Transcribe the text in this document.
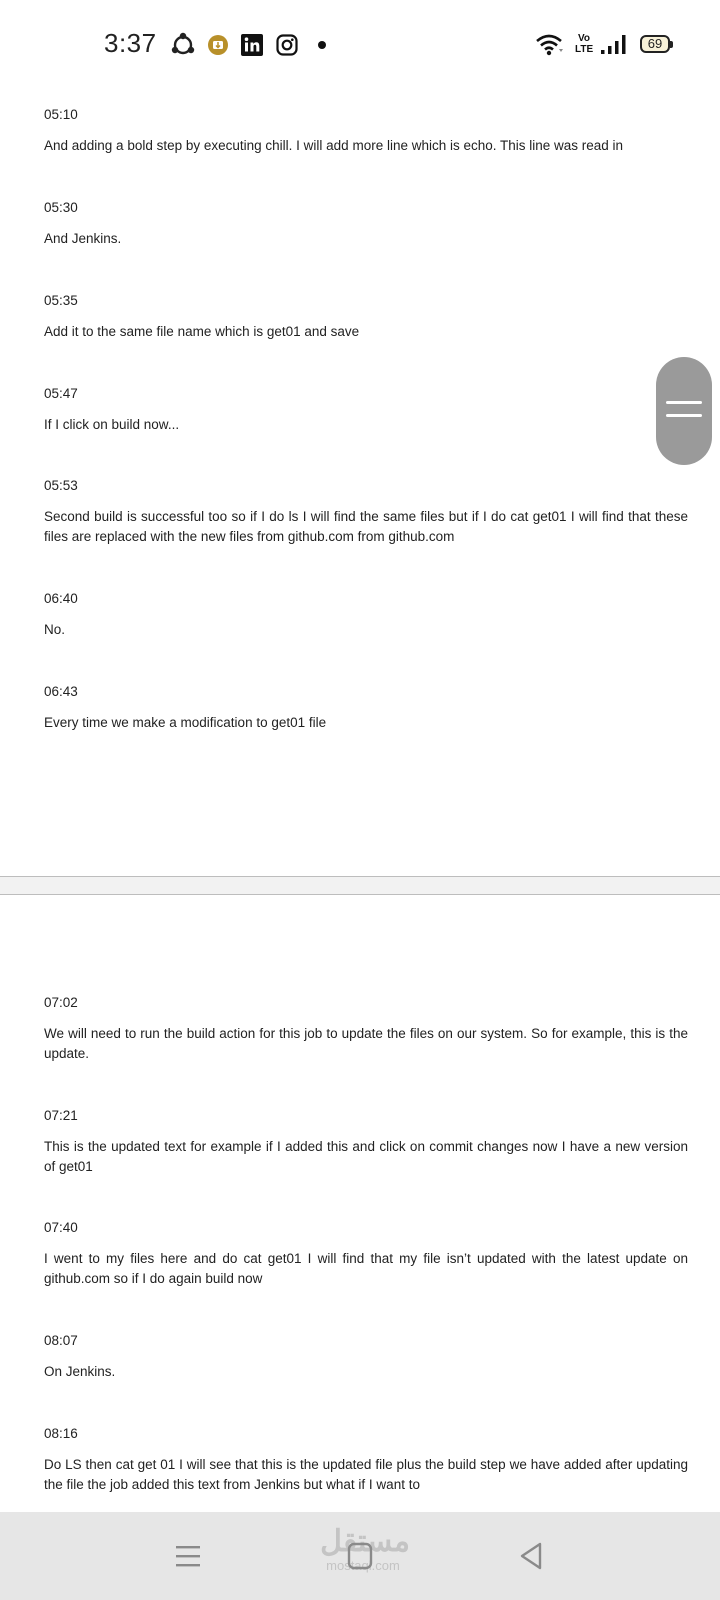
3:37	Vo
LTE	69
05:10
And adding a bold step by executing chill. I will add more line which is echo. This line was read in
05:30
And Jenkins.
05:35
Add it to the same file name which is get01 and save
05:47
If I click on build now...
05:53
Second build is successful too so if I do ls I will find the same files but if I do cat get01 I will find that these files are replaced with the new files from github.com from github.com
06:40
No.
06:43
Every time we make a modification to get01 file
07:02
We will need to run the build action for this job to update the files on our system. So for example, this is the update.
07:21
This is the updated text for example if I added this and click on commit changes now I have a new version of get01
07:40
I went to my files here and do cat get01 I will find that my file isn’t updated with the latest update on github.com so if I do again build now
08:07
On Jenkins.
08:16
Do LS then cat get 01 I will see that this is the updated file plus the build step we have added after updating the file the job added this text from Jenkins but what if I want to
مستقل
mostaql.com
